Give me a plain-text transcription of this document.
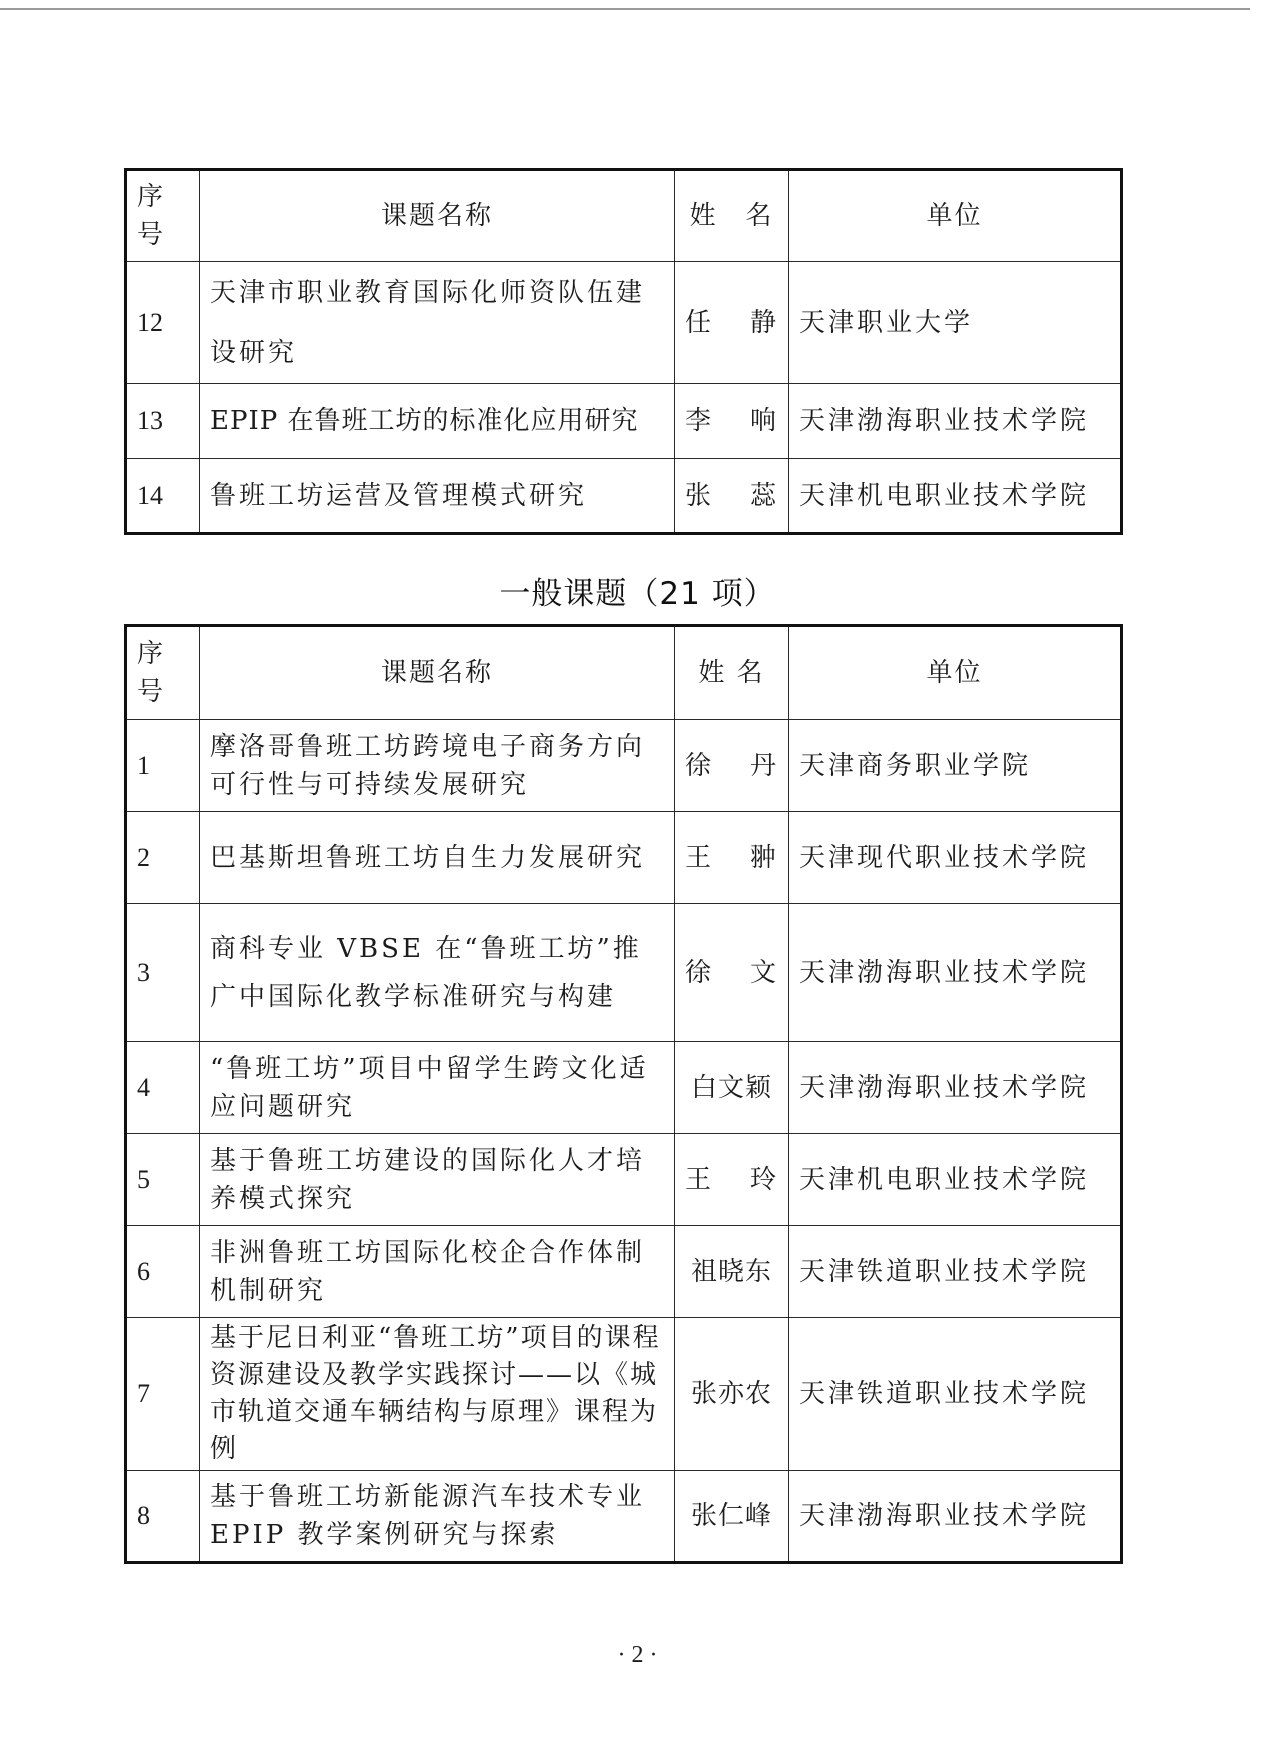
序号	课题名称	姓　名	单位
12	天津市职业教育国际化师资队伍建设研究	任静	天津职业大学
13	EPIP 在鲁班工坊的标准化应用研究	李响	天津渤海职业技术学院
14	鲁班工坊运营及管理模式研究	张蕊	天津机电职业技术学院
一般课题（21 项）
序号	课题名称	姓 名	单位
1	摩洛哥鲁班工坊跨境电子商务方向可行性与可持续发展研究	徐丹	天津商务职业学院
2	巴基斯坦鲁班工坊自生力发展研究	王翀	天津现代职业技术学院
3	商科专业 VBSE 在“鲁班工坊”推广中国际化教学标准研究与构建	徐文	天津渤海职业技术学院
4	“鲁班工坊”项目中留学生跨文化适应问题研究	白文颖	天津渤海职业技术学院
5	基于鲁班工坊建设的国际化人才培养模式探究	王玲	天津机电职业技术学院
6	非洲鲁班工坊国际化校企合作体制机制研究	祖晓东	天津铁道职业技术学院
7	基于尼日利亚“鲁班工坊”项目的课程资源建设及教学实践探讨——以《城市轨道交通车辆结构与原理》课程为例	张亦农	天津铁道职业技术学院
8	基于鲁班工坊新能源汽车技术专业EPIP 教学案例研究与探索	张仁峰	天津渤海职业技术学院
· 2 ·
